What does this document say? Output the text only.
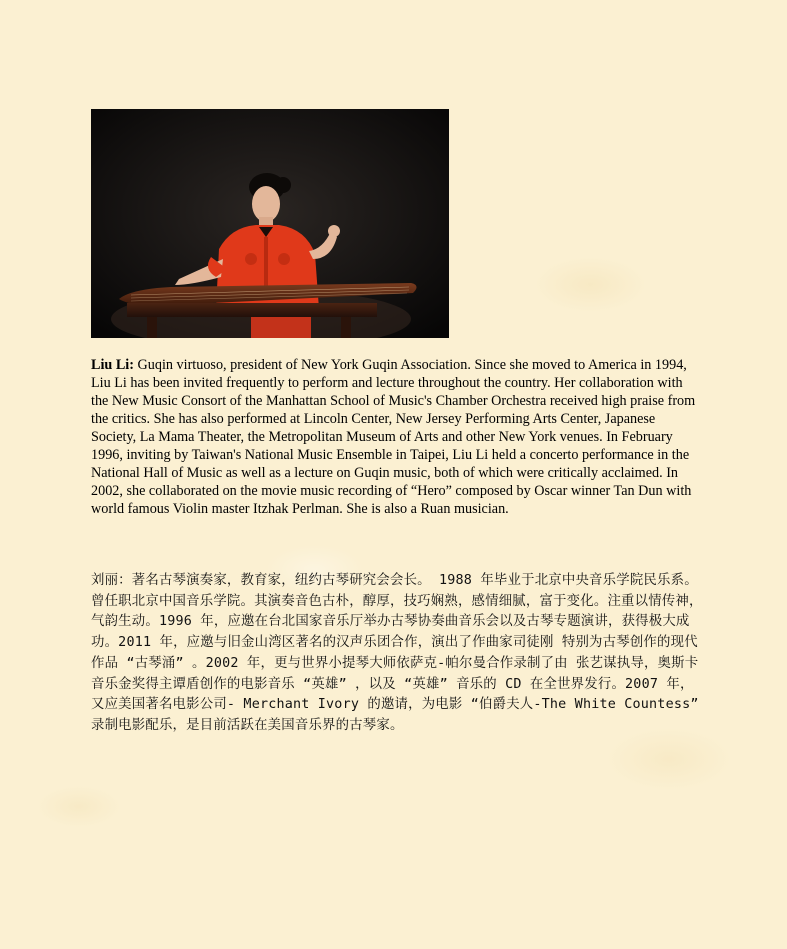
Liu Li: Guqin virtuoso, president of New York Guqin Association. Since she moved to America in 1994, Liu Li has been invited frequently to perform and lecture throughout the country. Her collaboration with the New Music Consort of the Manhattan School of Music's Chamber Orchestra received high praise from the critics. She has also performed at Lincoln Center, New Jersey Performing Arts Center, Japanese Society, La Mama Theater, the Metropolitan Museum of Arts and other New York venues. In February 1996, inviting by Taiwan's National Music Ensemble in Taipei, Liu Li held a concerto performance in the National Hall of Music as well as a lecture on Guqin music, both of which were critically acclaimed. In 2002, she collaborated on the movie music recording of “Hero” composed by Oscar winner Tan Dun with world famous Violin master Itzhak Perlman. She is also a Ruan musician.

刘丽：著名古琴演奏家，教育家，纽约古琴研究会会长。 1988 年毕业于北京中央音乐学院民乐系。曾任职北京中国音乐学院。其演奏音色古朴，醇厚，技巧娴熟，感情细腻，富于变化。注重以情传神，气韵生动。1996 年，应邀在台北国家音乐厅举办古琴协奏曲音乐会以及古琴专题演讲，获得极大成功。2011 年，应邀与旧金山湾区著名的汉声乐团合作，演出了作曲家司徒刚 特别为古琴创作的现代作品 “古琴涌” 。2002 年，更与世界小提琴大师依萨克-帕尔曼合作录制了由 张艺谋执导，奥斯卡音乐金奖得主谭盾创作的电影音乐 “英雄” ，以及 “英雄” 音乐的 CD 在全世界发行。2007 年，又应美国著名电影公司- Merchant Ivory 的邀请，为电影 “伯爵夫人-The White Countess” 录制电影配乐，是目前活跃在美国音乐界的古琴家。
